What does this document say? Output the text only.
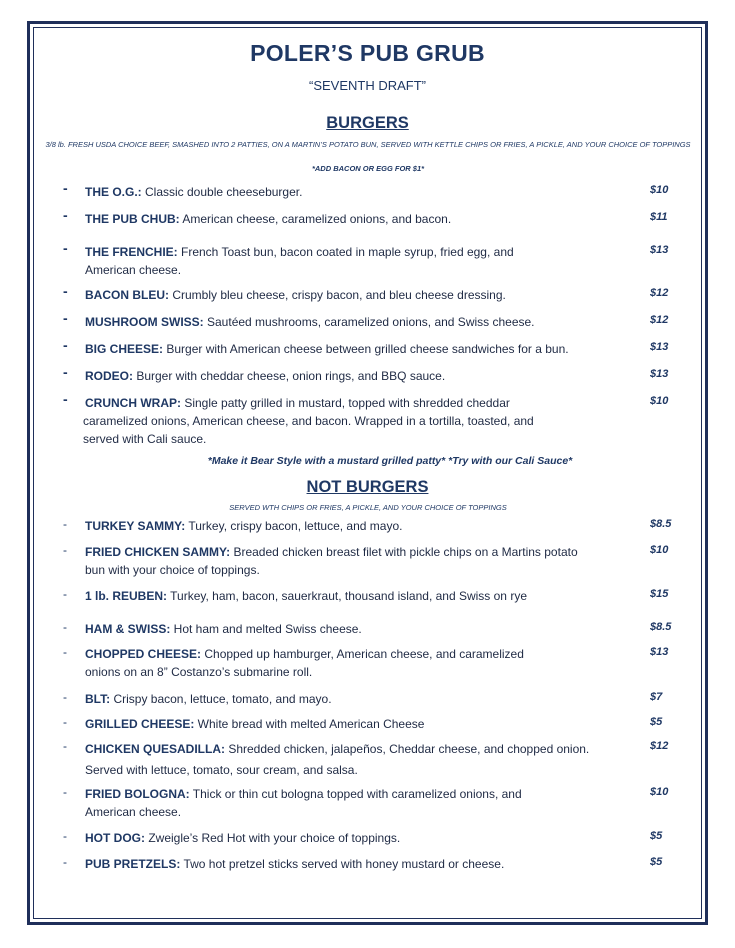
POLER’S PUB GRUB
“SEVENTH DRAFT”
BURGERS
3/8 lb. FRESH USDA CHOICE BEEF, SMASHED INTO 2 PATTIES, ON A MARTIN’S POTATO BUN, SERVED WITH KETTLE CHIPS OR FRIES, A PICKLE, AND YOUR CHOICE OF TOPPINGS
*ADD BACON OR EGG FOR $1*
- THE O.G.: Classic double cheeseburger.	$10
- THE PUB CHUB: American cheese, caramelized onions, and bacon.	$11
- THE FRENCHIE: French Toast bun, bacon coated in maple syrup, fried egg, and
American cheese.
$13
- BACON BLEU: Crumbly bleu cheese, crispy bacon, and bleu cheese dressing.	$12
- MUSHROOM SWISS: Sautéed mushrooms, caramelized onions, and Swiss cheese.	$12
- BIG CHEESE: Burger with American cheese between grilled cheese sandwiches for a bun.	$13
- RODEO: Burger with cheddar cheese, onion rings, and BBQ sauce.	$13
- CRUNCH WRAP: Single patty grilled in mustard, topped with shredded cheddar
caramelized onions, American cheese, and bacon. Wrapped in a tortilla, toasted, and
served with Cali sauce.
$10
*Make it Bear Style with a mustard grilled patty* *Try with our Cali Sauce*
NOT BURGERS
SERVED WTH CHIPS OR FRIES, A PICKLE, AND YOUR CHOICE OF TOPPINGS
- TURKEY SAMMY: Turkey, crispy bacon, lettuce, and mayo.	$8.5
- FRIED CHICKEN SAMMY: Breaded chicken breast filet with pickle chips on a Martins potato
bun with your choice of toppings.
$10
- 1 lb. REUBEN: Turkey, ham, bacon, sauerkraut, thousand island, and Swiss on rye	$15
- HAM & SWISS: Hot ham and melted Swiss cheese.	$8.5
- CHOPPED CHEESE: Chopped up hamburger, American cheese, and caramelized
onions on an 8” Costanzo’s submarine roll.
$13
- BLT: Crispy bacon, lettuce, tomato, and mayo.	$7
- GRILLED CHEESE: White bread with melted American Cheese	$5
- CHICKEN QUESADILLA: Shredded chicken, jalapeños, Cheddar cheese, and chopped onion.
Served with lettuce, tomato, sour cream, and salsa.
$12
- FRIED BOLOGNA: Thick or thin cut bologna topped with caramelized onions, and
American cheese.
$10
- HOT DOG: Zweigle’s Red Hot with your choice of toppings.	$5
- PUB PRETZELS: Two hot pretzel sticks served with honey mustard or cheese.	$5
